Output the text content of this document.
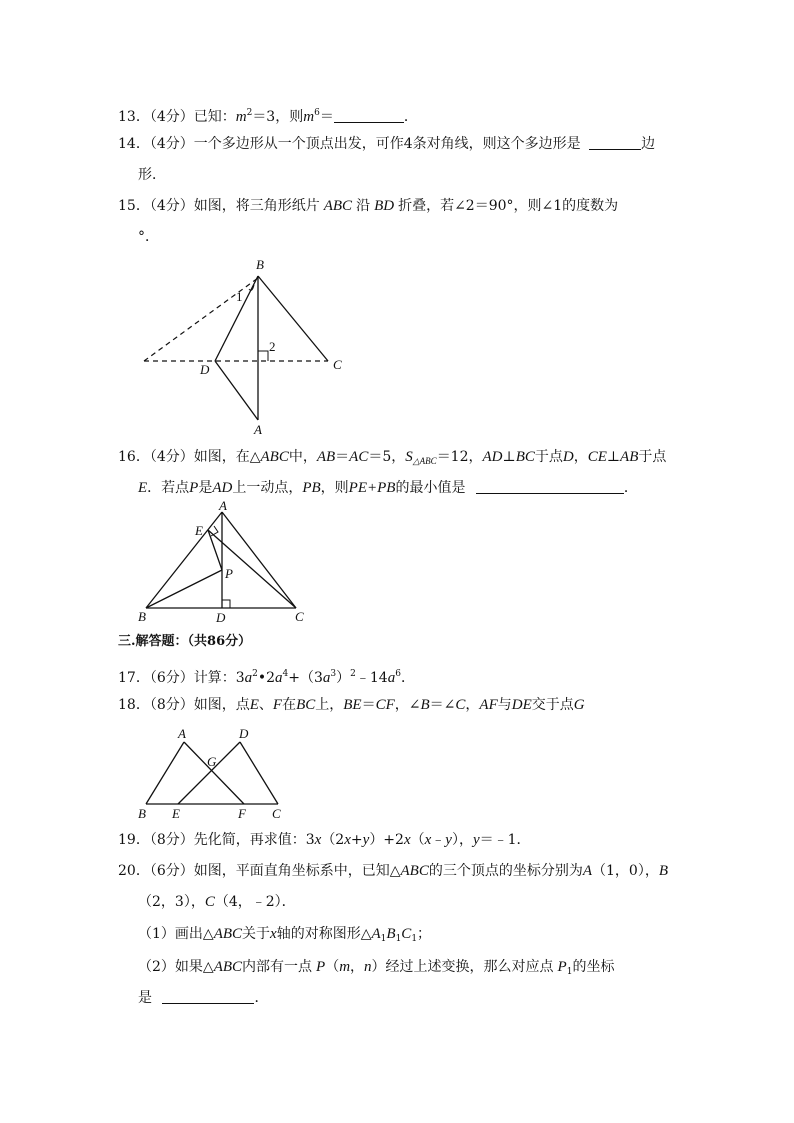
13．（4分）已知：$m^2=3$，则$m^6=$	．
14．（4分）一个多边形从一个顶点出发，可作4条对角线，则这个多边形是	边
形．
15．（4分）如图，将三角形纸片 ABC 沿 BD 折叠，若∠2＝90°，则∠1的度数为
°．
B
C
D
A
1
2
16．（4分）如图，在△ABC中，AB＝AC＝5，$S_{\triangle ABC}=12$，AD⊥BC于点D，CE⊥AB于点
E．若点P是AD上一动点，PB，则PE+PB的最小值是	．
A
E
P
B	D	C
三.解答题：（共86分）
17．（6分）计算：$3a^2•2a^4+(3a^3)^2﹣14a^6$．
18．（8分）如图，点E、F在BC上，BE＝CF，∠B＝∠C，AF与DE交于点G
A	D
G
B E	F C
19．（8分）先化简，再求值：3x（2x+y）+2x（x﹣y），y＝﹣1．
20．（6分）如图，平面直角坐标系中，已知△ABC的三个顶点的坐标分别为A（1，0），B
（2，3），C（4，﹣2）．
（1）画出△ABC关于x轴的对称图形$\triangle A_1B_1C_1$；
（2）如果△ABC内部有一点 P（m，n）经过上述变换，那么对应点 $P_1$的坐标
是	．
